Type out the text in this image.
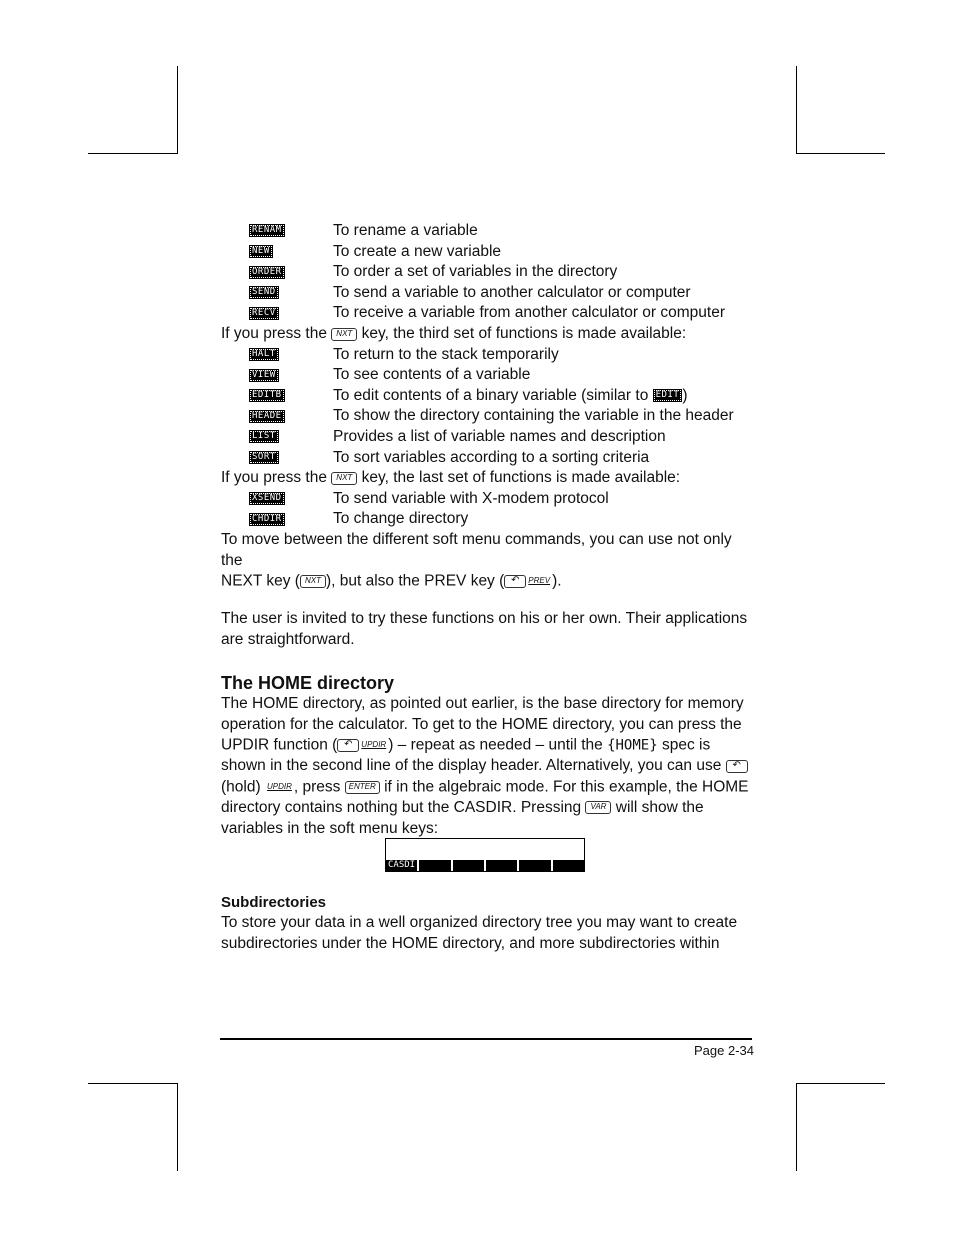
RENAM	To rename a variable
NEW	To create a new variable
ORDER	To order a set of variables in the directory
SEND	To send a variable to another calculator or computer
RECV	To receive a variable from another calculator or computer
If you press the
	NXT
key, the third set of functions is made available:
HALT	To return to the stack temporarily
VIEW	To see contents of a variable
EDITB	To edit contents of a binary variable (similar to EDIT )
HEADE	To show the directory containing the variable in the header
LIST	Provides a list of variable names and description
SORT	To sort variables according to a sorting criteria
If you press the
	NXT
key, the last set of functions is made available:
XSEND	To send variable with X-modem protocol
CHDIR	To change directory

To move between the different soft menu commands, you can use not only the
NEXT key ( NXT ), but also the PREV key ( ↶ PREV ).

The user is invited to try these functions on his or her own. Their applications are straightforward.

The HOME directory

The HOME directory, as pointed out earlier, is the base directory for memory operation for the calculator. To get to the HOME directory, you can press the UPDIR function ( ↶ UPDIR ) – repeat as needed – until the {HOME} spec is shown in the second line of the display header. Alternatively, you can use ↶(hold) UPDIR , press ENTER if in the algebraic mode. For this example, the HOME directory contains nothing but the CASDIR. Pressing VAR will show the variables in the soft menu keys:

CASDI
Subdirectories

To store your data in a well organized directory tree you may want to create subdirectories under the HOME directory, and more subdirectories within

Page 2-34
